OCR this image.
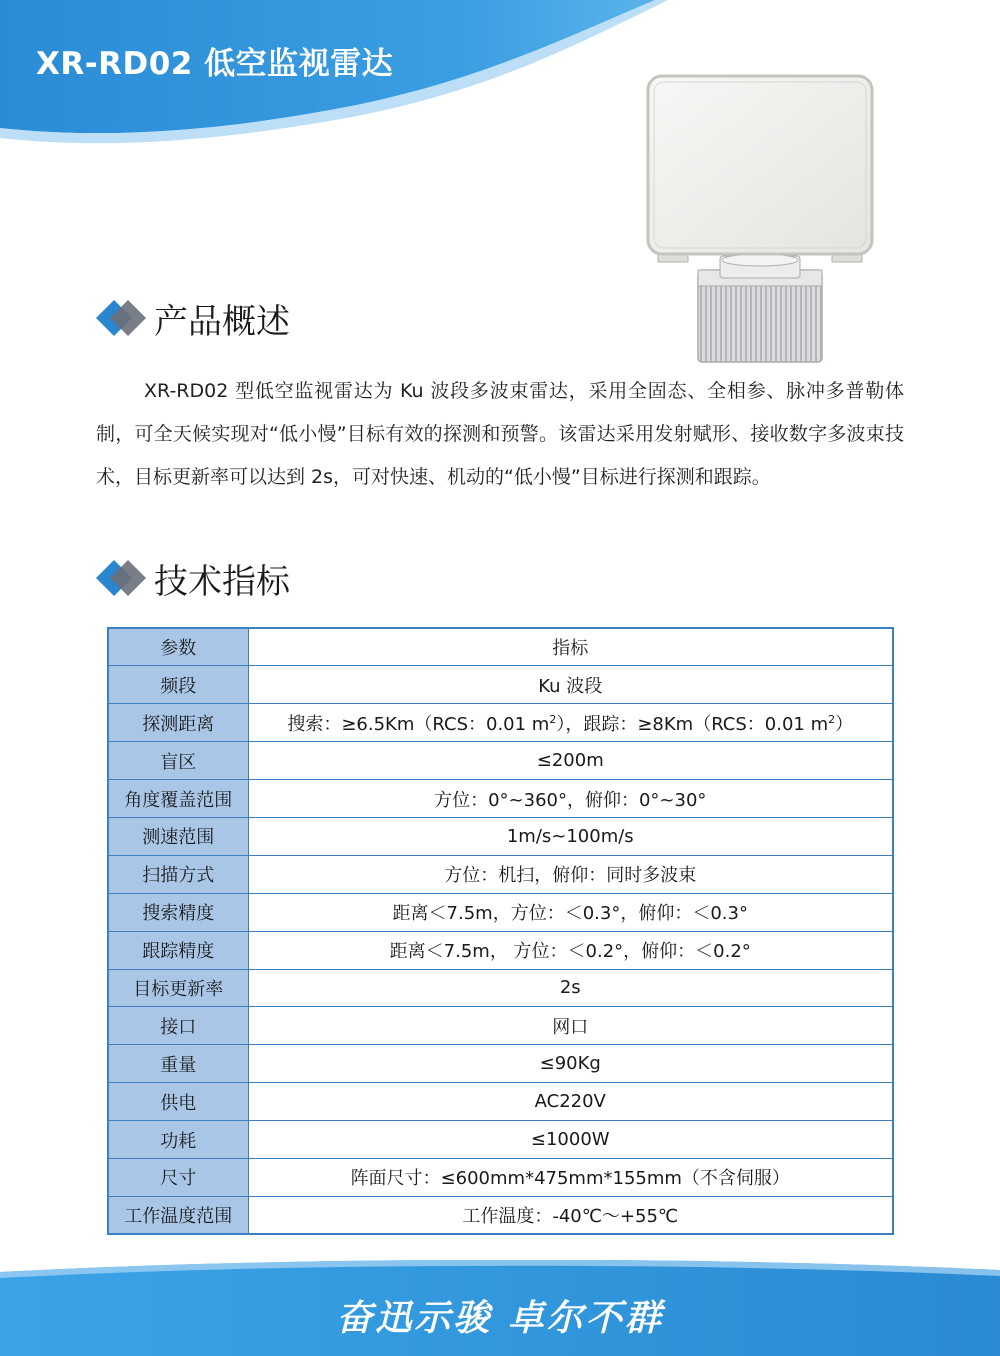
XR-RD02 低空监视雷达
产品概述

XR-RD02 型低空监视雷达为 Ku 波段多波束雷达，采用全固态、全相参、脉冲多普勒体制，可全天候实现对“低小慢”目标有效的探测和预警。该雷达采用发射赋形、接收数字多波束技术，目标更新率可以达到 2s，可对快速、机动的“低小慢”目标进行探测和跟踪。

技术指标
参数	指标
频段	Ku 波段
探测距离	搜索：≥6.5Km（RCS：0.01 $m^2$），跟踪：≥8Km（RCS：0.01 $m^2$）
盲区	≤200m
角度覆盖范围	方位：0°~360°，俯仰：0°~30°
测速范围	1m/s~100m/s
扫描方式	方位：机扫，俯仰：同时多波束
搜索精度	距离＜7.5m，方位：＜0.3°，俯仰：＜0.3°
跟踪精度	距离＜7.5m， 方位：＜0.2°，俯仰：＜0.2°
目标更新率	2s
接口	网口
重量	≤90Kg
供电	AC220V
功耗	≤1000W
尺寸	阵面尺寸：≤600mm*475mm*155mm（不含伺服）
工作温度范围	工作温度：-40℃～+55℃
奋迅示骏 卓尔不群
